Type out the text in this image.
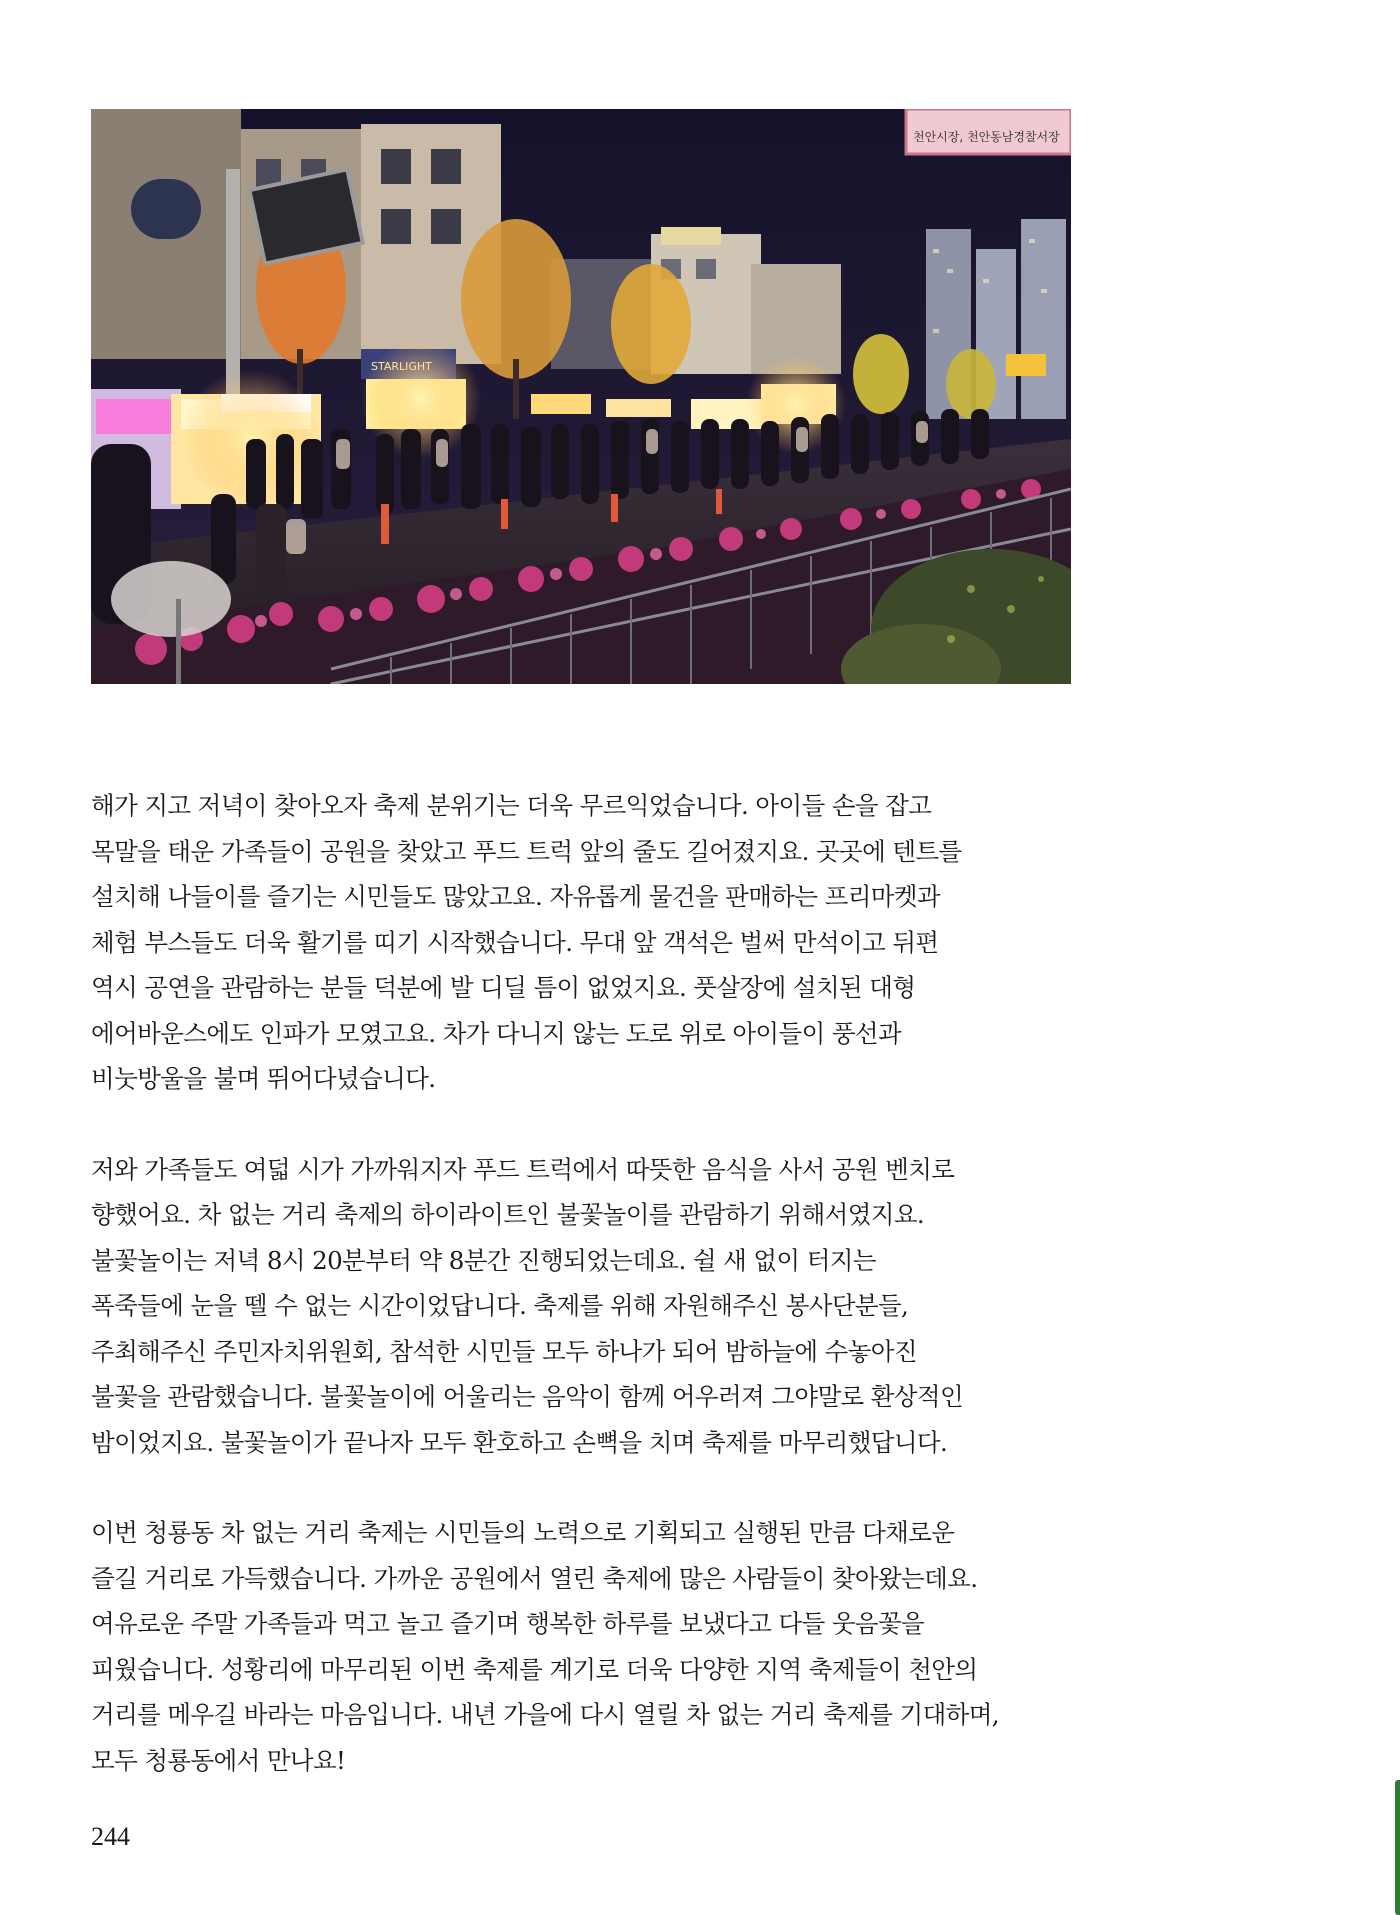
천안시장, 천안동남경찰서장

해가 지고 저녁이 찾아오자 축제 분위기는 더욱 무르익었습니다. 아이들 손을 잡고
목말을 태운 가족들이 공원을 찾았고 푸드 트럭 앞의 줄도 길어졌지요. 곳곳에 텐트를
설치해 나들이를 즐기는 시민들도 많았고요. 자유롭게 물건을 판매하는 프리마켓과
체험 부스들도 더욱 활기를 띠기 시작했습니다. 무대 앞 객석은 벌써 만석이고 뒤편
역시 공연을 관람하는 분들 덕분에 발 디딜 틈이 없었지요. 풋살장에 설치된 대형
에어바운스에도 인파가 모였고요. 차가 다니지 않는 도로 위로 아이들이 풍선과
비눗방울을 불며 뛰어다녔습니다.

저와 가족들도 여덟 시가 가까워지자 푸드 트럭에서 따뜻한 음식을 사서 공원 벤치로
향했어요. 차 없는 거리 축제의 하이라이트인 불꽃놀이를 관람하기 위해서였지요.
불꽃놀이는 저녁 8시 20분부터 약 8분간 진행되었는데요. 쉴 새 없이 터지는
폭죽들에 눈을 뗄 수 없는 시간이었답니다. 축제를 위해 자원해주신 봉사단분들,
주최해주신 주민자치위원회, 참석한 시민들 모두 하나가 되어 밤하늘에 수놓아진
불꽃을 관람했습니다. 불꽃놀이에 어울리는 음악이 함께 어우러져 그야말로 환상적인
밤이었지요. 불꽃놀이가 끝나자 모두 환호하고 손뼉을 치며 축제를 마무리했답니다.

이번 청룡동 차 없는 거리 축제는 시민들의 노력으로 기획되고 실행된 만큼 다채로운
즐길 거리로 가득했습니다. 가까운 공원에서 열린 축제에 많은 사람들이 찾아왔는데요.
여유로운 주말 가족들과 먹고 놀고 즐기며 행복한 하루를 보냈다고 다들 웃음꽃을
피웠습니다. 성황리에 마무리된 이번 축제를 계기로 더욱 다양한 지역 축제들이 천안의
거리를 메우길 바라는 마음입니다. 내년 가을에 다시 열릴 차 없는 거리 축제를 기대하며,
모두 청룡동에서 만나요!

244
